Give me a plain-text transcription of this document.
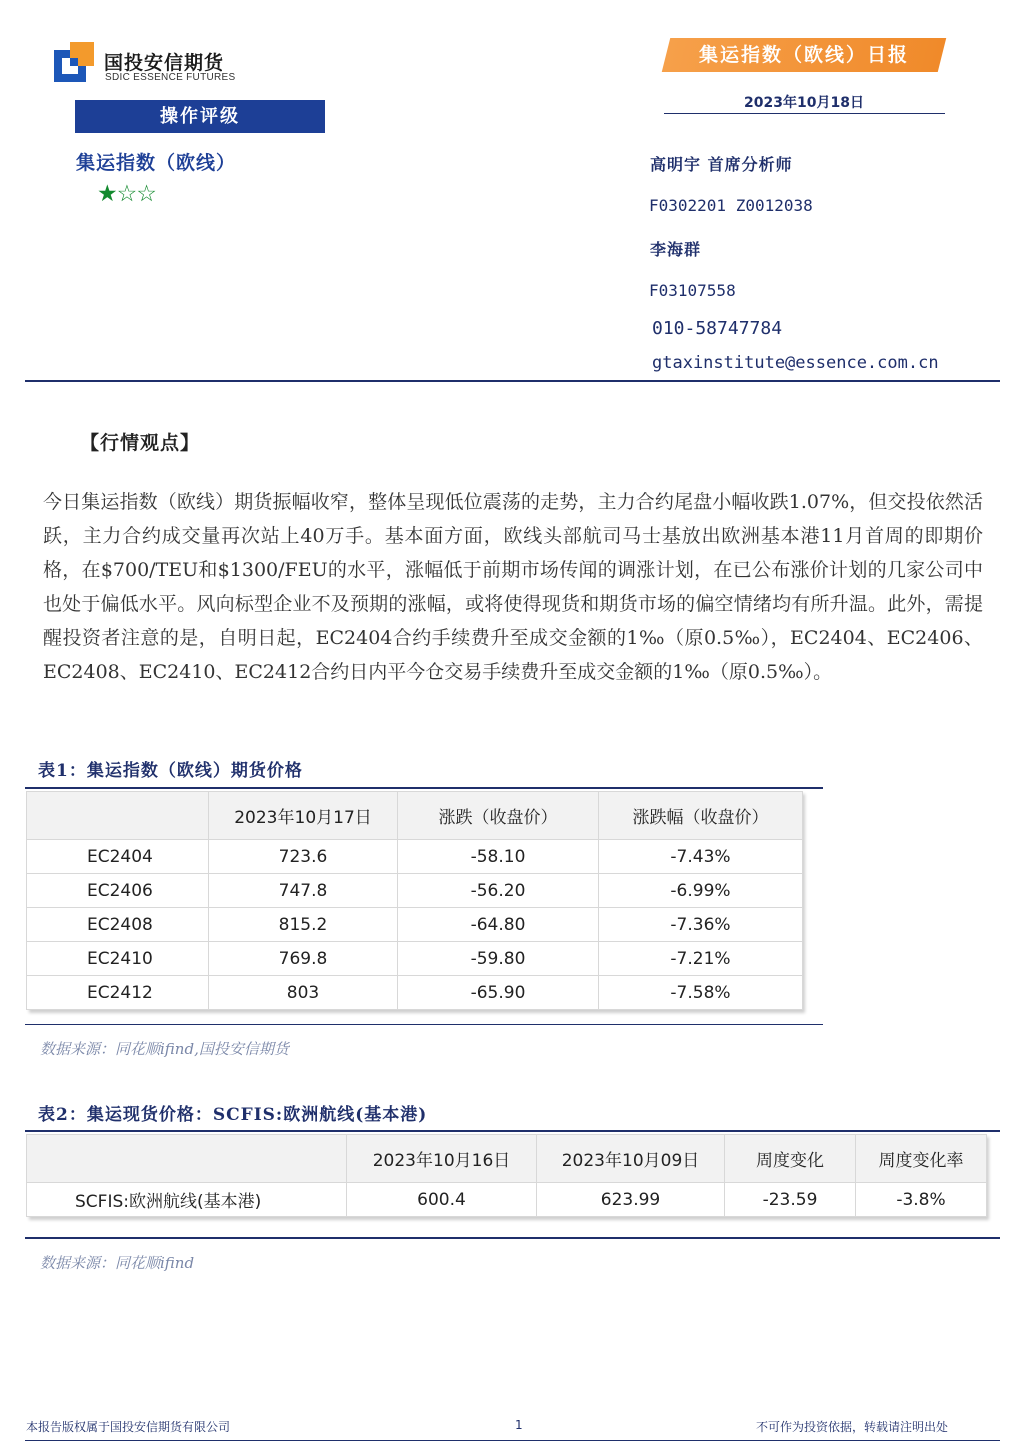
国投安信期货
SDIC ESSENCE FUTURES
集运指数（欧线）日报
2023年10月18日
操作评级
集运指数（欧线）
★☆☆
高明宇 首席分析师
F0302201 Z0012038
李海群
F03107558
010-58747784
gtaxinstitute@essence.com.cn
【行情观点】
今日集运指数（欧线）期货振幅收窄，整体呈现低位震荡的走势，主力合约尾盘小幅收跌1.07%，但交投依然活跃，主力合约成交量再次站上40万手。基本面方面，欧线头部航司马士基放出欧洲基本港11月首周的即期价格，在$700/TEU和$1300/FEU的水平，涨幅低于前期市场传闻的调涨计划，在已公布涨价计划的几家公司中也处于偏低水平。风向标型企业不及预期的涨幅，或将使得现货和期货市场的偏空情绪均有所升温。此外，需提醒投资者注意的是，自明日起，EC2404合约手续费升至成交金额的1‰（原0.5‰），EC2404、EC2406、EC2408、EC2410、EC2412合约日内平今仓交易手续费升至成交金额的1‰（原0.5‰）。
表1：集运指数（欧线）期货价格
	2023年10月17日	涨跌（收盘价）	涨跌幅（收盘价）
EC2404	723.6	-58.10	-7.43%
EC2406	747.8	-56.20	-6.99%
EC2408	815.2	-64.80	-7.36%
EC2410	769.8	-59.80	-7.21%
EC2412	803	-65.90	-7.58%
数据来源：同花顺ifind,国投安信期货
表2：集运现货价格：SCFIS:欧洲航线(基本港)
	2023年10月16日	2023年10月09日	周度变化	周度变化率
SCFIS:欧洲航线(基本港)	600.4	623.99	-23.59	-3.8%
数据来源：同花顺ifind
本报告版权属于国投安信期货有限公司	1	不可作为投资依据，转载请注明出处
